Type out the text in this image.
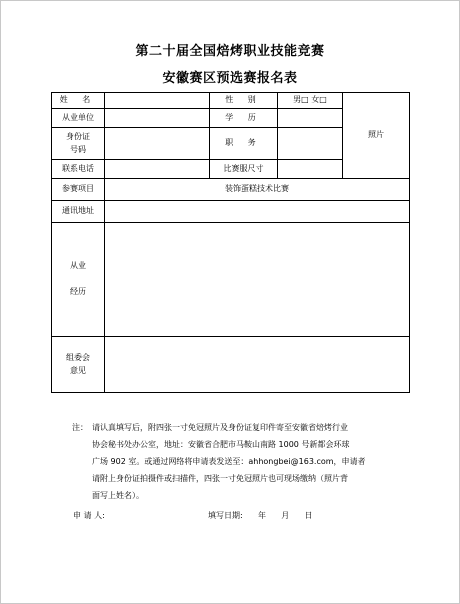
第二十届全国焙烤职业技能竞赛
安徽赛区预选赛报名表
姓 名		性 别	男□ 女□	照片
从业单位		学 历		
身份证
号码		职 务		
联系电话		比赛服尺寸		
参赛项目	装饰蛋糕技术比赛			
通讯地址				
从业

经历				
组委会
意见				
注： 请认真填写后，附四张一寸免冠照片及身份证复印件寄至安徽省焙烤行业
协会秘书处办公室，地址：安徽省合肥市马鞍山南路 1000 号新都会环球
广场 902 室。或通过网络将申请表发送至：ahhongbei@163.com，申请者
请附上身份证拍摄件或扫描件，四张一寸免冠照片也可现场缴纳（照片背
面写上姓名）。
申 请 人:	填写日期:      年      月      日
